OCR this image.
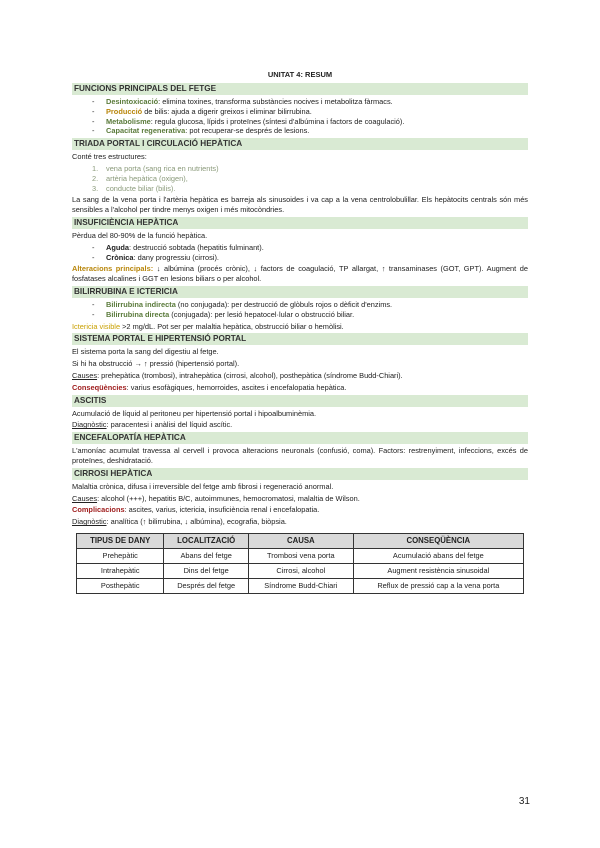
UNITAT 4: RESUM
FUNCIONS PRINCIPALS DEL FETGE
- Desintoxicació: elimina toxines, transforma substàncies nocives i metabolitza fàrmacs.
- Producció de bilis: ajuda a digerir greixos i eliminar bilirrubina.
- Metabolisme: regula glucosa, lípids i proteïnes (síntesi d'albúmina i factors de coagulació).
- Capacitat regenerativa: pot recuperar-se després de lesions.
TRIADA PORTAL I CIRCULACIÓ HEPÀTICA

Conté tres estructures:

1. vena porta (sang rica en nutrients)
2. artèria hepàtica (oxigen),
3. conducte biliar (bilis).

La sang de la vena porta i l'artèria hepàtica es barreja als sinusoides i va cap a la vena centrolobulillar. Els hepàtocits centrals són més sensibles a l'alcohol per tindre menys oxigen i més mitocòndries.

INSUFICIÈNCIA HEPÀTICA

Pèrdua del 80-90% de la funció hepàtica.

- Aguda: destrucció sobtada (hepatitis fulminant).
- Crònica: dany progressiu (cirrosi).

Alteracions principals: ↓ albúmina (procés crònic), ↓ factors de coagulació, TP allargat, ↑ transaminases (GOT, GPT). Augment de fosfatases alcalines i GGT en lesions biliars o per alcohol.

BILIRRUBINA E ICTERICIA
- Bilirrubina indirecta (no conjugada): per destrucció de glòbuls rojos o dèficit d'enzims.
- Bilirrubina directa (conjugada): per lesió hepatocel·lular o obstrucció biliar.

Ictericia visible >2 mg/dL. Pot ser per malaltia hepàtica, obstrucció biliar o hemòlisi.

SISTEMA PORTAL E HIPERTENSIÓ PORTAL

El sistema porta la sang del digestiu al fetge.

Si hi ha obstrucció → ↑ pressió (hipertensió portal).

Causes: prehepàtica (trombosi), intrahepàtica (cirrosi, alcohol), posthepàtica (síndrome Budd-Chiari).

Conseqüències: varius esofàgiques, hemorroides, ascites i encefalopatia hepàtica.

ASCITIS

Acumulació de líquid al peritoneu per hipertensió portal i hipoalbuminèmia.

Diagnòstic: paracentesi i anàlisi del líquid ascític.

ENCEFALOPATÍA HEPÀTICA

L'amoníac acumulat travessa al cervell i provoca alteracions neuronals (confusió, coma). Factors: restrenyiment, infeccions, excés de proteïnes, deshidratació.

CIRROSI HEPÀTICA

Malaltia crònica, difusa i irreversible del fetge amb fibrosi i regeneració anormal.

Causes: alcohol (+++), hepatitis B/C, autoimmunes, hemocromatosi, malaltia de Wilson.

Complicacions: ascites, varius, ictericia, insuficiència renal i encefalopatia.

Diagnòstic: analítica (↑ bilirrubina, ↓ albúmina), ecografia, biòpsia.

TIPUS DE DANY	LOCALITZACIÓ	CAUSA	CONSEQÜÈNCIA
Prehepàtic	Abans del fetge	Trombosi vena porta	Acumulació abans del fetge
Intrahepàtic	Dins del fetge	Cirrosi, alcohol	Augment resistència sinusoidal
Posthepàtic	Després del fetge	Síndrome Budd-Chiari	Reflux de pressió cap a la vena porta
31
